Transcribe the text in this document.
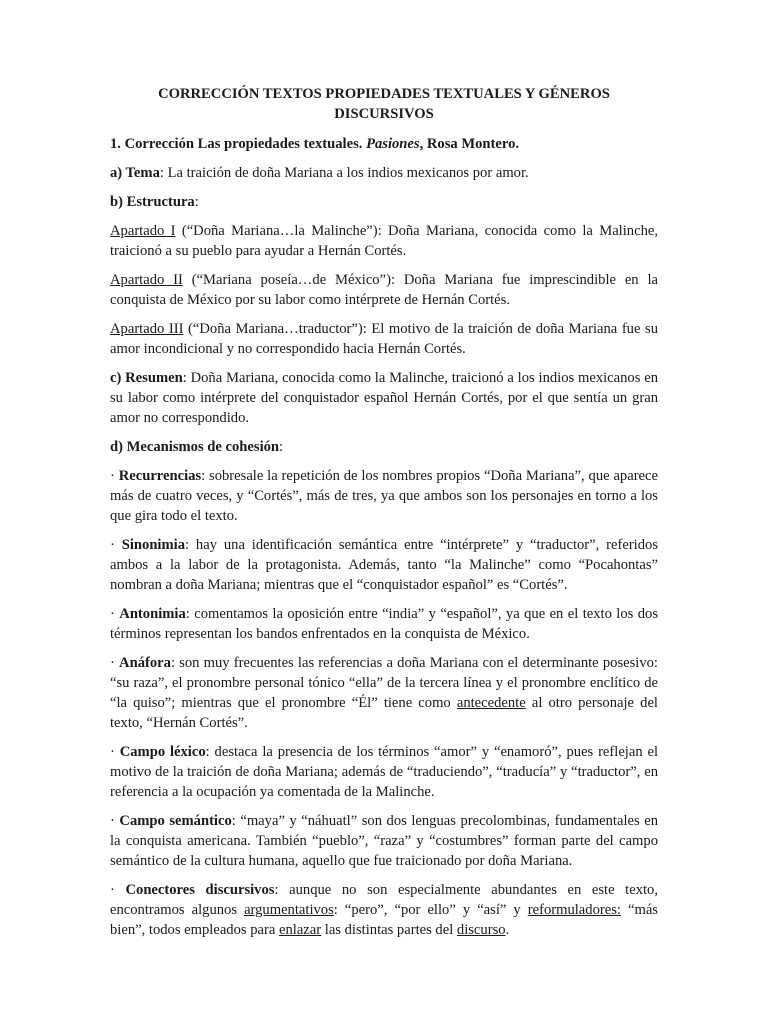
CORRECCIÓN TEXTOS PROPIEDADES TEXTUALES Y GÉNEROS
DISCURSIVOS

1. Corrección Las propiedades textuales. Pasiones, Rosa Montero.

a) Tema: La traición de doña Mariana a los indios mexicanos por amor.

b) Estructura:

Apartado I (“Doña Mariana…la Malinche”): Doña Mariana, conocida como la Malinche, traicionó a su pueblo para ayudar a Hernán Cortés.

Apartado II (“Mariana poseía…de México”): Doña Mariana fue imprescindible en la conquista de México por su labor como intérprete de Hernán Cortés.

Apartado III (“Doña Mariana…traductor”): El motivo de la traición de doña Mariana fue su amor incondicional y no correspondido hacia Hernán Cortés.

c) Resumen: Doña Mariana, conocida como la Malinche, traicionó a los indios mexicanos en su labor como intérprete del conquistador español Hernán Cortés, por el que sentía un gran amor no correspondido.

d) Mecanismos de cohesión:

· Recurrencias: sobresale la repetición de los nombres propios “Doña Mariana”, que aparece más de cuatro veces, y “Cortés”, más de tres, ya que ambos son los personajes en torno a los que gira todo el texto.

· Sinonimia: hay una identificación semántica entre “intérprete” y “traductor”, referidos ambos a la labor de la protagonista. Además, tanto “la Malinche” como “Pocahontas” nombran a doña Mariana; mientras que el “conquistador español” es “Cortés”.

· Antonimia: comentamos la oposición entre “india” y “español”, ya que en el texto los dos términos representan los bandos enfrentados en la conquista de México.

· Anáfora: son muy frecuentes las referencias a doña Mariana con el determinante posesivo: “su raza”, el pronombre personal tónico “ella” de la tercera línea y el pronombre enclítico de “la quiso”; mientras que el pronombre “Él” tiene como antecedente al otro personaje del texto, “Hernán Cortés”.

· Campo léxico: destaca la presencia de los términos “amor” y “enamoró”, pues reflejan el motivo de la traición de doña Mariana; además de “traduciendo”, “traducía” y “traductor”, en referencia a la ocupación ya comentada de la Malinche.

· Campo semántico: “maya” y “náhuatl” son dos lenguas precolombinas, fundamentales en la conquista americana. También “pueblo”, “raza” y “costumbres” forman parte del campo semántico de la cultura humana, aquello que fue traicionado por doña Mariana.

· Conectores discursivos: aunque no son especialmente abundantes en este texto, encontramos algunos argumentativos: “pero”, “por ello” y “así” y reformuladores: “más bien”, todos empleados para enlazar las distintas partes del discurso.
